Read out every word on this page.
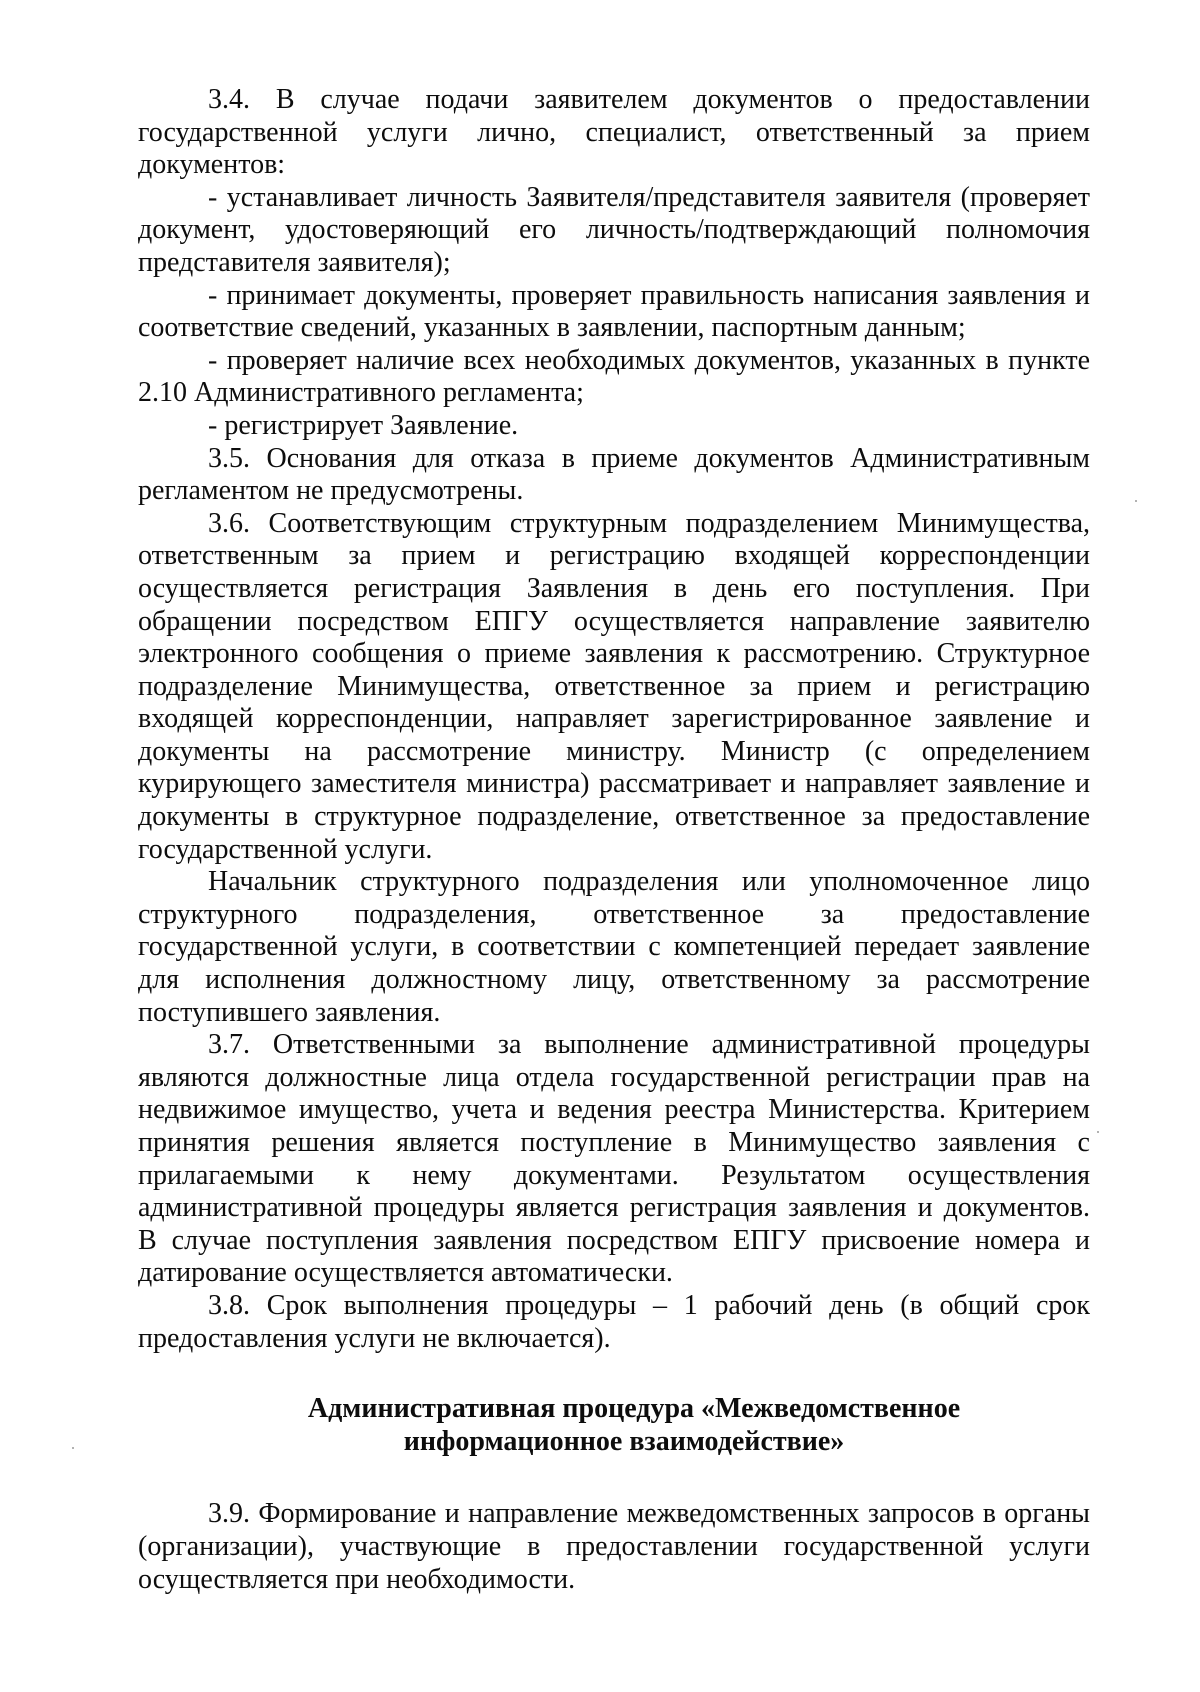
3.4. В случае подачи заявителем документов о предоставлении государственной услуги лично, специалист, ответственный за прием документов:

- устанавливает личность Заявителя/представителя заявителя (проверяет документ, удостоверяющий его личность/подтверждающий полномочия представителя заявителя);

- принимает документы, проверяет правильность написания заявления и соответствие сведений, указанных в заявлении, паспортным данным;

- проверяет наличие всех необходимых документов, указанных в пункте 2.10 Административного регламента;

- регистрирует Заявление.

3.5. Основания для отказа в приеме документов Административным регламентом не предусмотрены.

3.6. Соответствующим структурным подразделением Минимущества, ответственным за прием и регистрацию входящей корреспонденции осуществляется регистрация Заявления в день его поступления. При обращении посредством ЕПГУ осуществляется направление заявителю электронного сообщения о приеме заявления к рассмотрению. Структурное подразделение Минимущества, ответственное за прием и регистрацию входящей корреспонденции, направляет зарегистрированное заявление и документы на рассмотрение министру. Министр (с определением курирующего заместителя министра) рассматривает и направляет заявление и документы в структурное подразделение, ответственное за предоставление государственной услуги.

Начальник структурного подразделения или уполномоченное лицо структурного подразделения, ответственное за предоставление государственной услуги, в соответствии с компетенцией передает заявление для исполнения должностному лицу, ответственному за рассмотрение поступившего заявления.

3.7. Ответственными за выполнение административной процедуры являются должностные лица отдела государственной регистрации прав на недвижимое имущество, учета и ведения реестра Министерства. Критерием принятия решения является поступление в Минимущество заявления с прилагаемыми к нему документами. Результатом осуществления административной процедуры является регистрация заявления и документов. В случае поступления заявления посредством ЕПГУ присвоение номера и датирование осуществляется автоматически.

3.8. Срок выполнения процедуры – 1 рабочий день (в общий срок предоставления услуги не включается).

Административная процедура «Межведомственное
информационное взаимодействие»

3.9. Формирование и направление межведомственных запросов в органы (организации), участвующие в предоставлении государственной услуги осуществляется при необходимости.
